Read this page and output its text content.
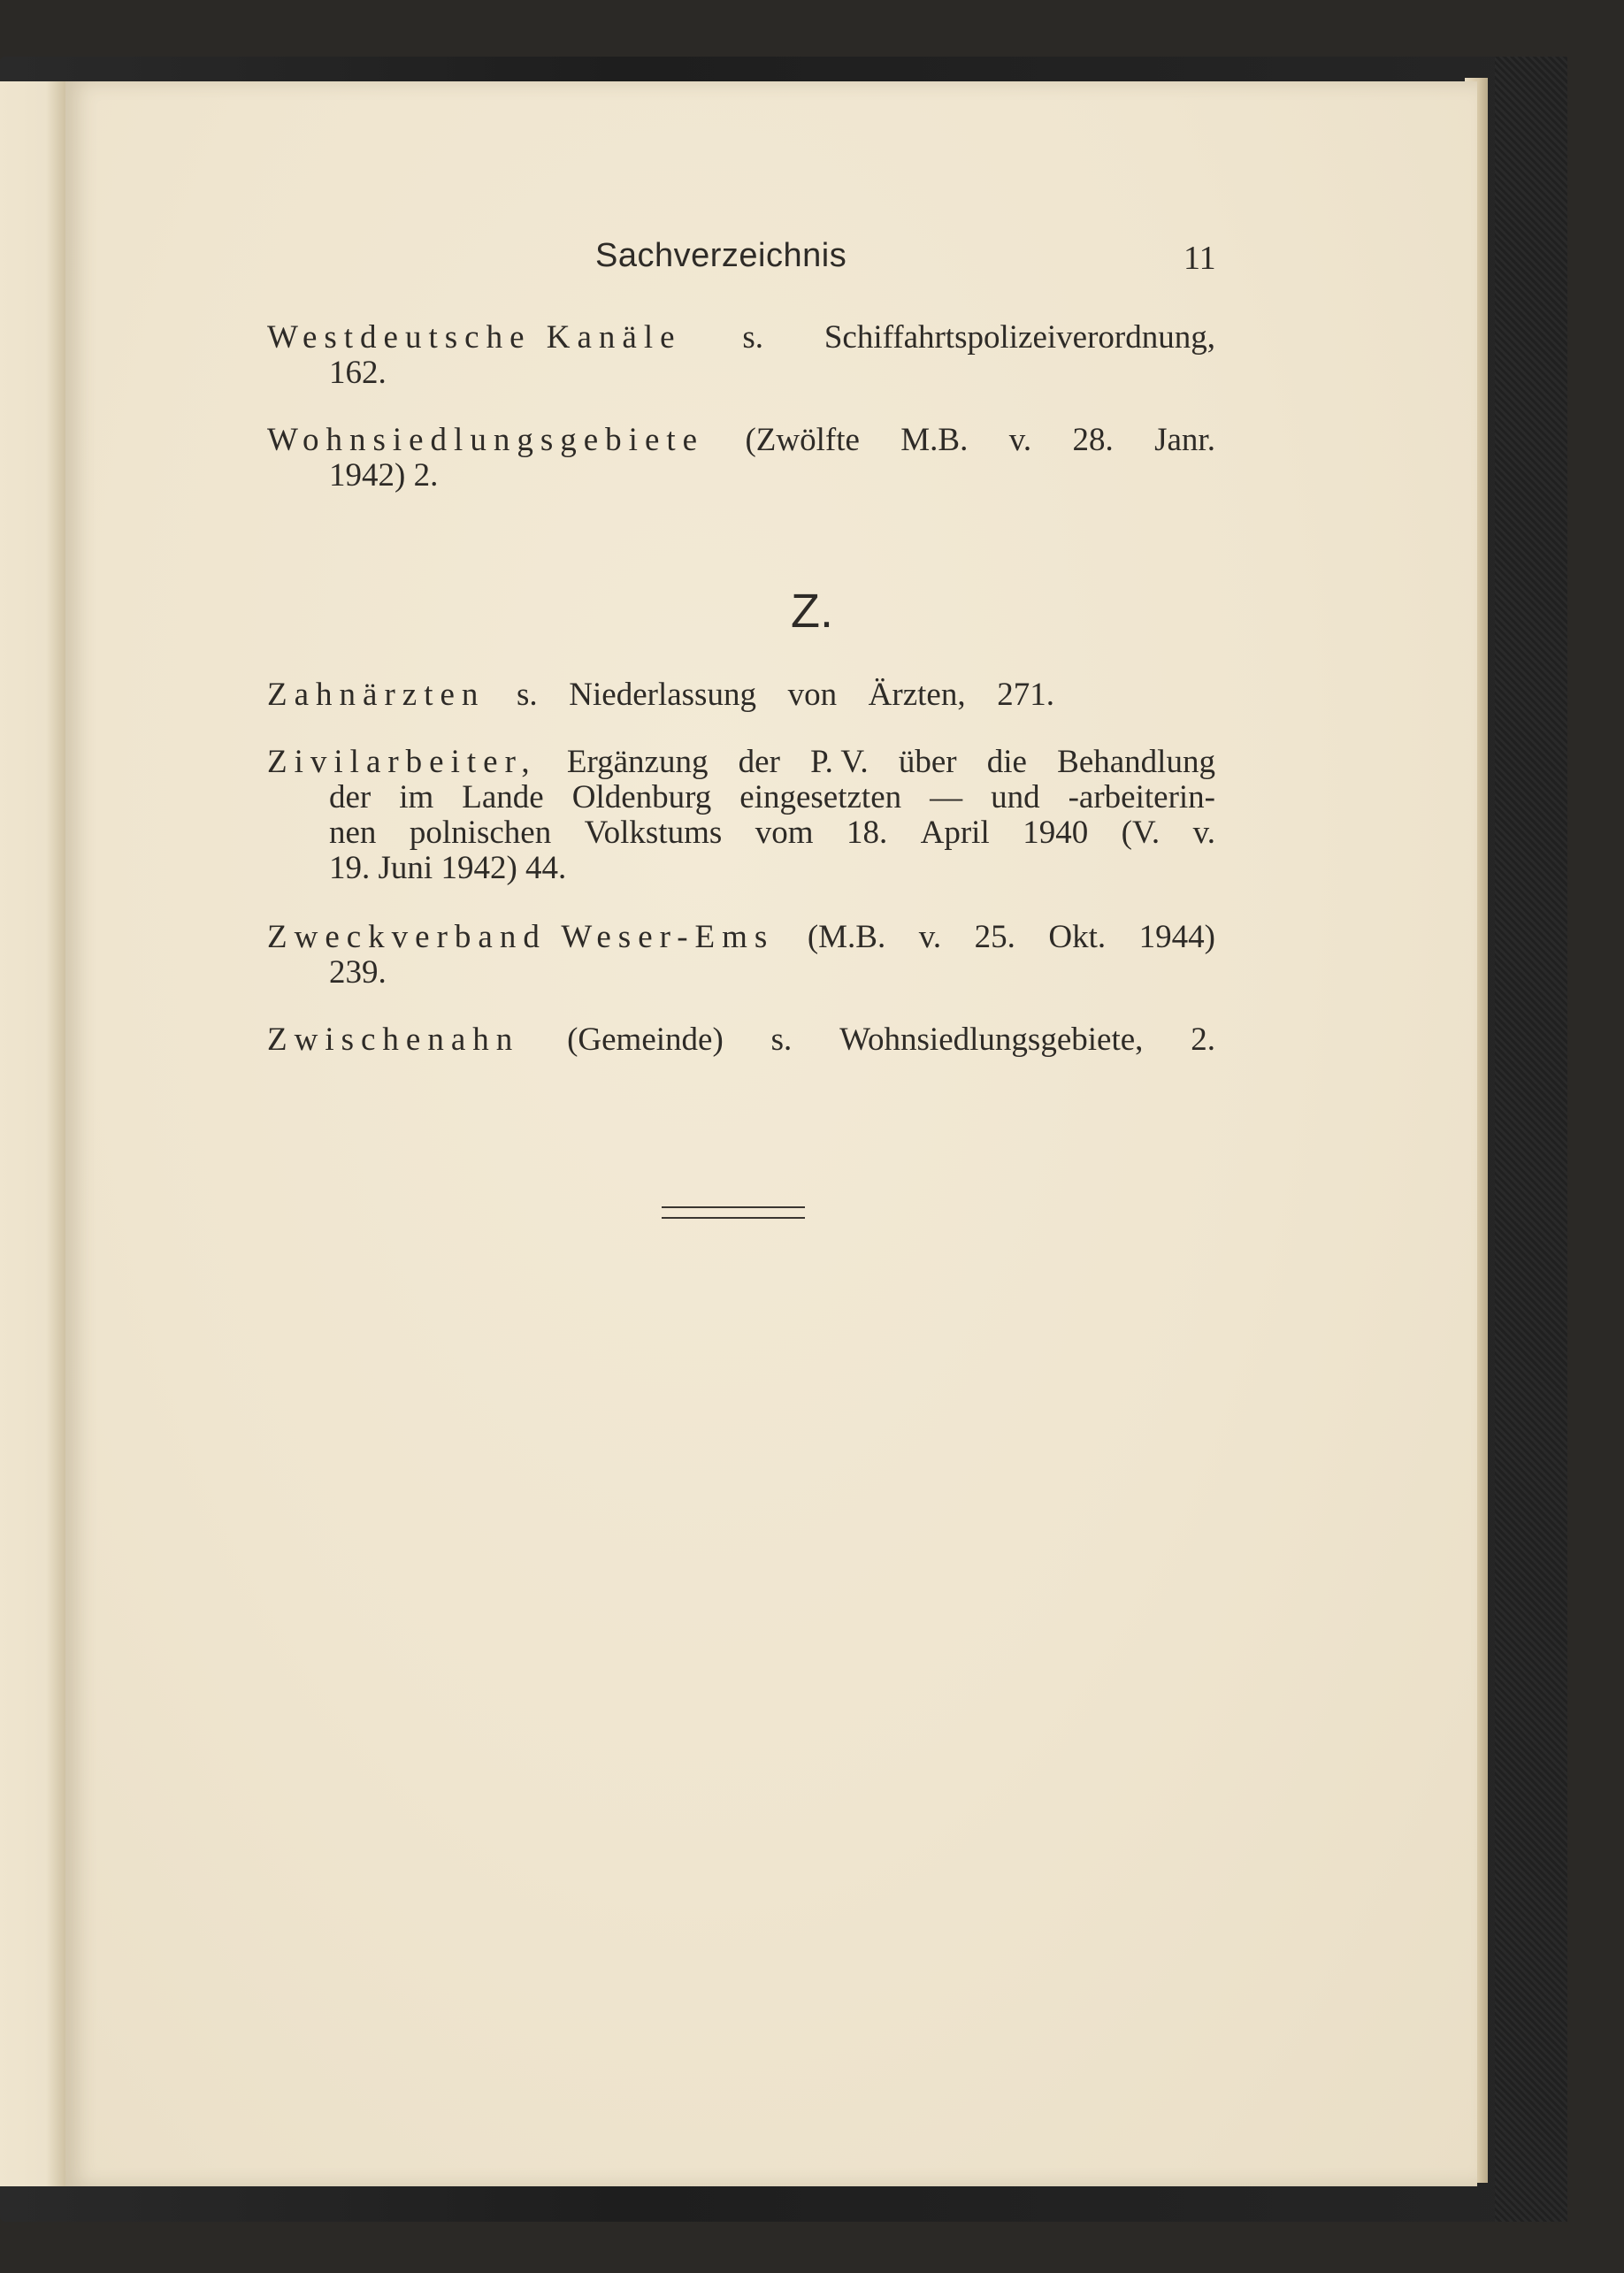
Sachverzeichnis	11
Westdeutsche Kanäle s. Schiffahrtspolizeiverordnung,
162.
Wohnsiedlungsgebiete (Zwölfte M.B. v. 28. Janr.
1942)
2.
Z.
Zahnärzten s. Niederlassung von Ärzten, 271.
Zivilarbeiter, Ergänzung der P. V. über die Behandlung
der im Lande Oldenburg eingesetzten — und -arbeiterin-
nen polnischen Volkstums vom 18. April 1940 (V. v.
19.
Juni
1942)
44.
Zweckverband Weser-Ems (M.B. v. 25. Okt. 1944)
239.
Zwischenahn (Gemeinde) s. Wohnsiedlungsgebiete, 2.
